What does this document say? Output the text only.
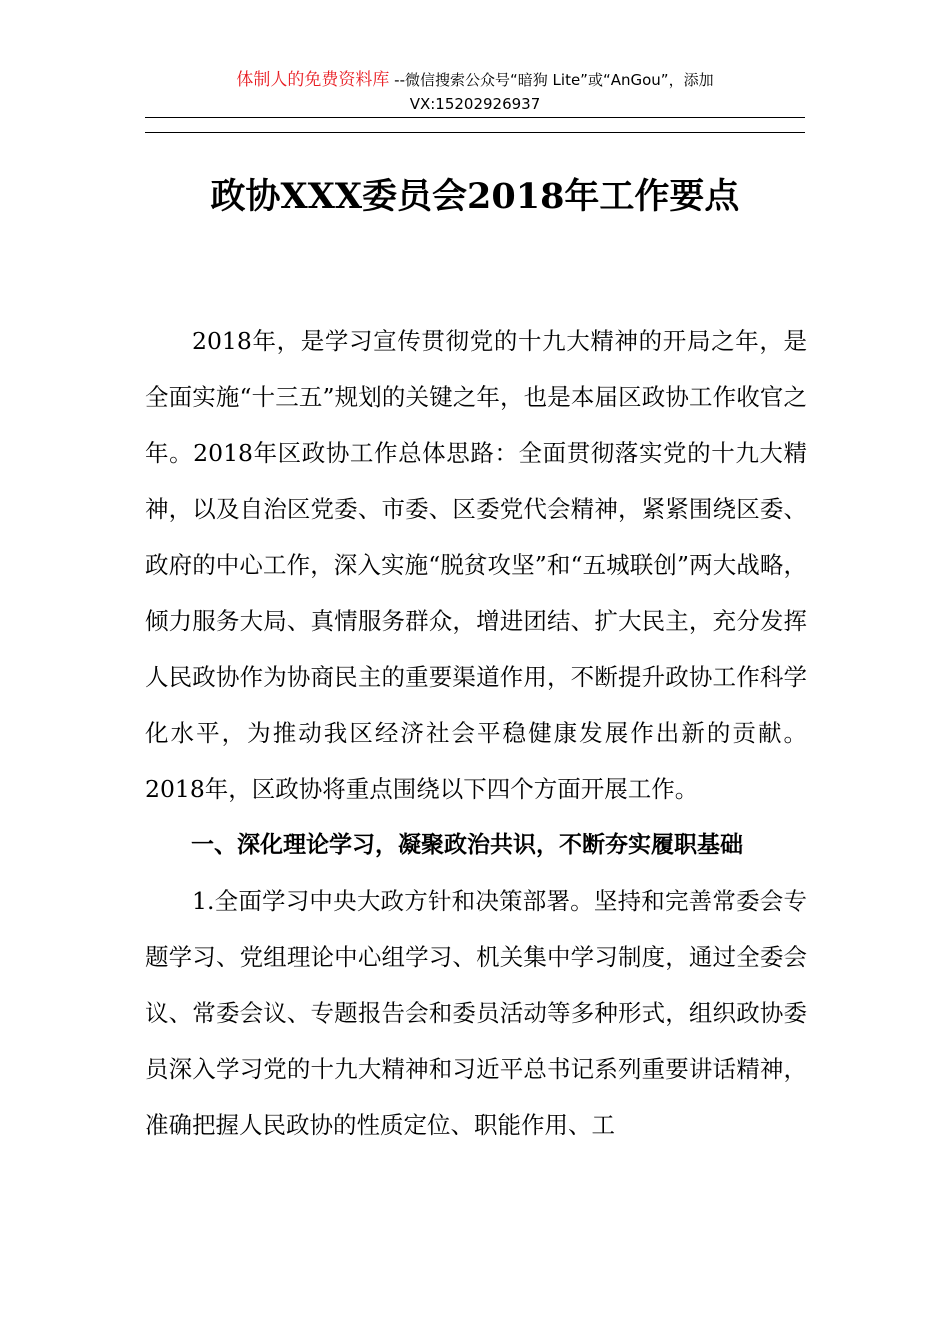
体制人的免费资料库 --微信搜索公众号“暗狗 Lite”或“AnGou”，添加
VX:15202926937
政协XXX委员会2018年工作要点

2018年，是学习宣传贯彻党的十九大精神的开局之年，是全面实施“十三五”规划的关键之年，也是本届区政协工作收官之年。2018年区政协工作总体思路：全面贯彻落实党的十九大精神，以及自治区党委、市委、区委党代会精神，紧紧围绕区委、政府的中心工作，深入实施“脱贫攻坚”和“五城联创”两大战略，倾力服务大局、真情服务群众，增进团结、扩大民主，充分发挥人民政协作为协商民主的重要渠道作用，不断提升政协工作科学化水平，为推动我区经济社会平稳健康发展作出新的贡献。2018年，区政协将重点围绕以下四个方面开展工作。

一、深化理论学习，凝聚政治共识，不断夯实履职基础

1.全面学习中央大政方针和决策部署。坚持和完善常委会专题学习、党组理论中心组学习、机关集中学习制度，通过全委会议、常委会议、专题报告会和委员活动等多种形式，组织政协委员深入学习党的十九大精神和习近平总书记系列重要讲话精神，准确把握人民政协的性质定位、职能作用、工
